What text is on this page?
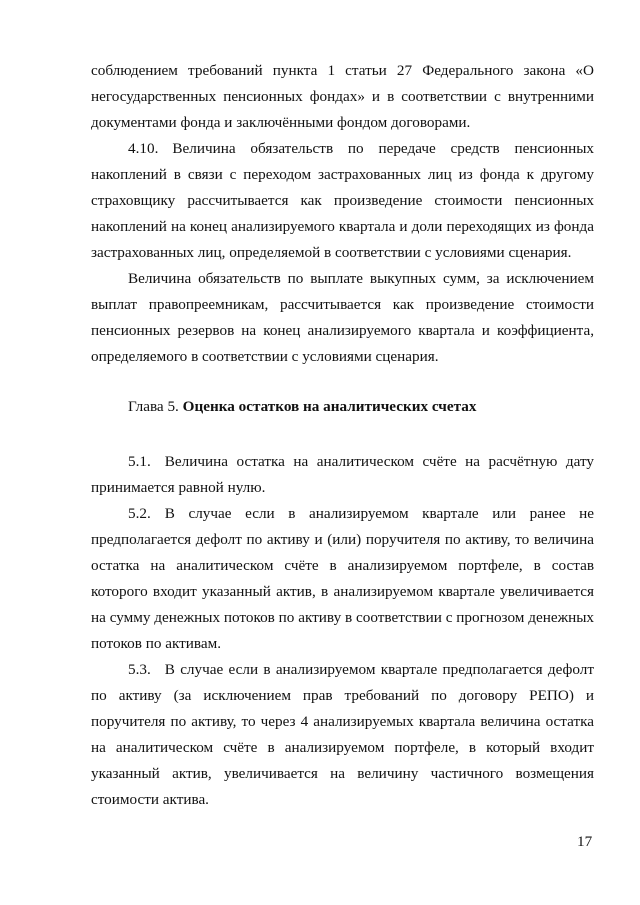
соблюдением требований пункта 1 статьи 27 Федерального закона «О негосударственных пенсионных фондах» и в соответствии с внутренними документами фонда и заключёнными фондом договорами.

4.10. Величина обязательств по передаче средств пенсионных накоплений в связи с переходом застрахованных лиц из фонда к другому страховщику рассчитывается как произведение стоимости пенсионных накоплений на конец анализируемого квартала и доли переходящих из фонда застрахованных лиц, определяемой в соответствии с условиями сценария.

Величина обязательств по выплате выкупных сумм, за исключением выплат правопреемникам, рассчитывается как произведение стоимости пенсионных резервов на конец анализируемого квартала и коэффициента, определяемого в соответствии с условиями сценария.

Глава 5. Оценка остатков на аналитических счетах

5.1. Величина остатка на аналитическом счёте на расчётную дату принимается равной нулю.

5.2. В случае если в анализируемом квартале или ранее не предполагается дефолт по активу и (или) поручителя по активу, то величина остатка на аналитическом счёте в анализируемом портфеле, в состав которого входит указанный актив, в анализируемом квартале увеличивается на сумму денежных потоков по активу в соответствии с прогнозом денежных потоков по активам.

5.3. В случае если в анализируемом квартале предполагается дефолт по активу (за исключением прав требований по договору РЕПО) и поручителя по активу, то через 4 анализируемых квартала величина остатка на аналитическом счёте в анализируемом портфеле, в который входит указанный актив, увеличивается на величину частичного возмещения стоимости актива.

17
